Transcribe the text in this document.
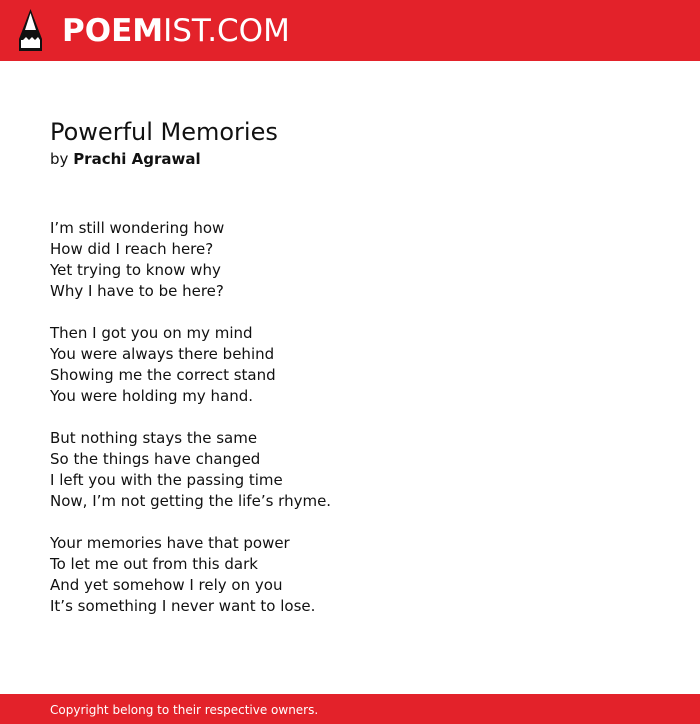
POEMIST.COM
Powerful Memories
by Prachi Agrawal
I’m still wondering how
How did I reach here?
Yet trying to know why
Why I have to be here?
Then I got you on my mind
You were always there behind
Showing me the correct stand
You were holding my hand.
But nothing stays the same
So the things have changed
I left you with the passing time
Now, I’m not getting the life’s rhyme.
Your memories have that power
To let me out from this dark
And yet somehow I rely on you
It’s something I never want to lose.
Copyright belong to their respective owners.
